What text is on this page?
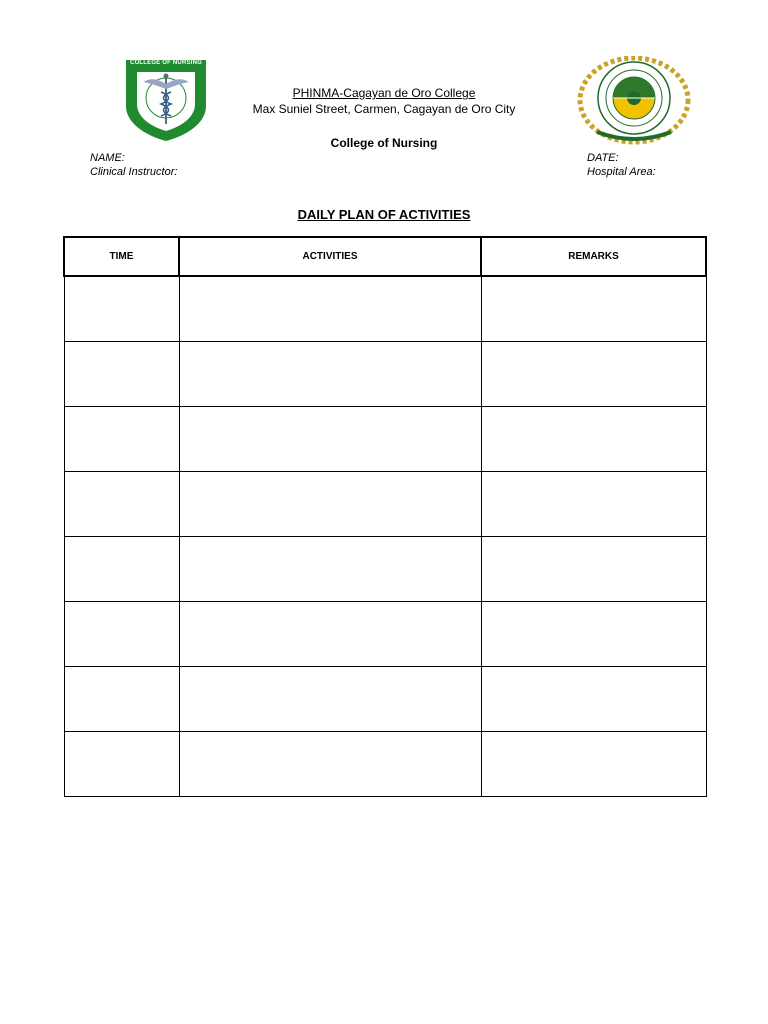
COLLEGE OF NURSING
PHINMA-Cagayan de Oro College
Max Suniel Street, Carmen, Cagayan de Oro City
College of Nursing
NAME:
Clinical Instructor:
DATE:
Hospital Area:
DAILY PLAN OF ACTIVITIES
TIME	ACTIVITIES	REMARKS
